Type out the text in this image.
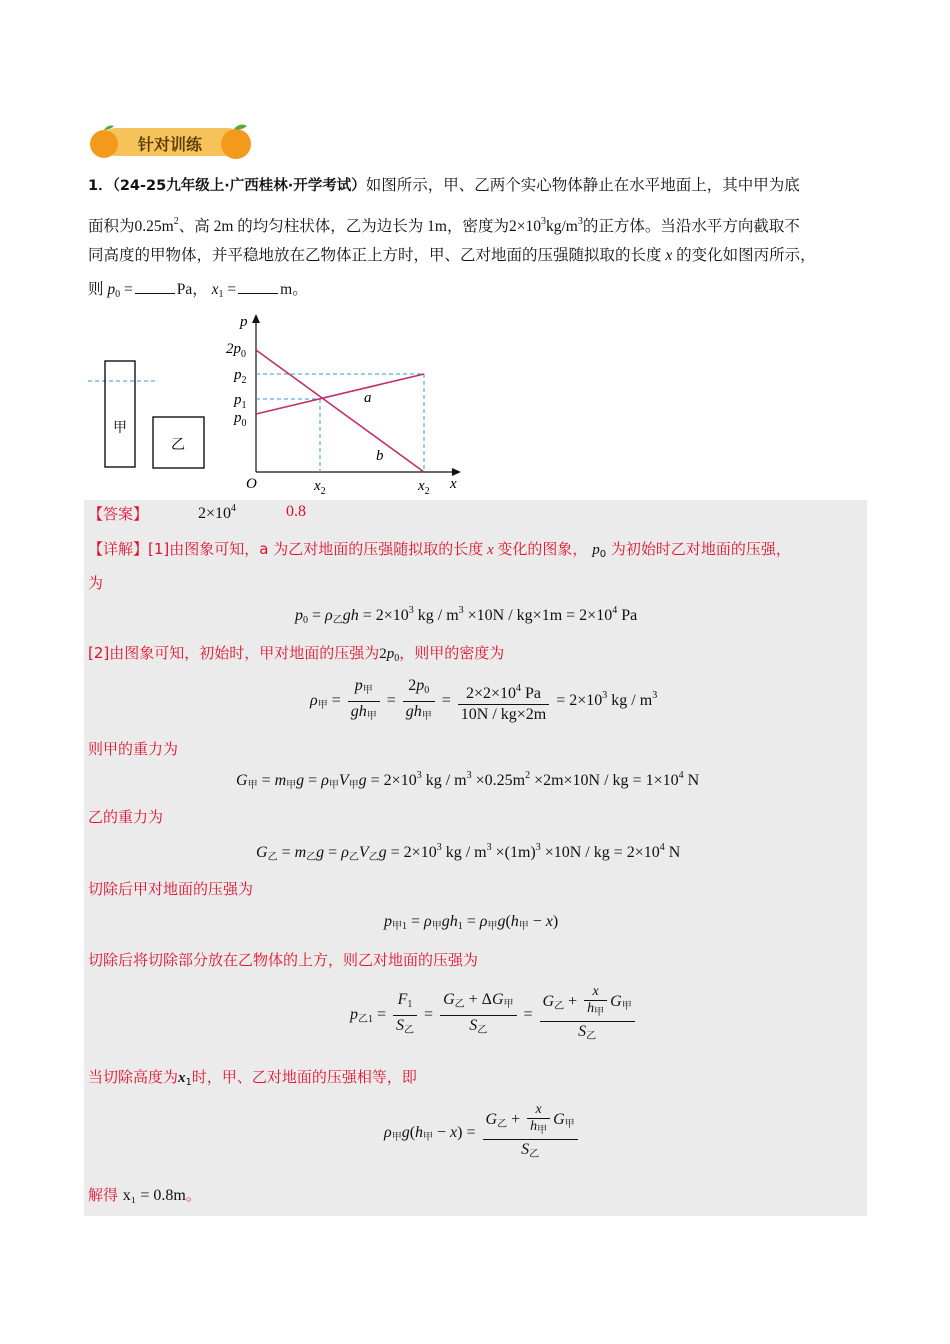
针对训练
1．（24-25九年级上·广西桂林·开学考试）如图所示，甲、乙两个实心物体静止在水平地面上，其中甲为底
面积为$0.25m^2$、高 2m 的均匀柱状体，乙为边长为 1m，密度为$2\times 10^3kg/m^3$的正方体。当沿水平方向截取不
同高度的甲物体，并平稳地放在乙物体正上方时，甲、乙对地面的压强随拟取的长度 x 的变化如图丙所示，
则 $p_0$ =	Pa， $x_1$ =	m。
甲
乙
p
x
O
a
b
$2p_0$
$p_2$
$p_1$
$p_0$
$x_2$	$x_2$
【答案】	$2\times 10^4$	0.8
【详解】[1]由图象可知，a 为乙对地面的压强随拟取的长度 x 变化的图象， $p_0$ 为初始时乙对地面的压强，
为
$p_0 = \rho$乙gh = $2\times 10^3$ kg / $m^3 \times 10N / kg\times 1m = 2\times 10^4$ Pa
[2]由图象可知，初始时，甲对地面的压强为$2p_0$，则甲的密度为
ρ甲 = $\frac{\text{p甲}}{\text{gh甲}} = \frac{2p_0}{\text{gh甲}} = \frac{2\times 2\times 10^4 Pa}{10N / kg\times 2m} = 2\times 10^3$ kg / $m^3$
则甲的重力为
G甲 = m甲g = ρ甲V甲$g = 2\times 10^3$ kg / $m^3 \times 0.25m^2 \times 2m\times 10N$ / kg = $1\times 10^4$ N
乙的重力为
G乙 = m乙g = ρ乙V乙$g = 2\times 10^3$ kg / $m^3 \times(1m)^3 \times 10N$ / kg = $2\times 10^4$ N
切除后甲对地面的压强为
p甲$_1$ = ρ甲$gh_1 = \rho$甲g(h甲 − x)
切除后将切除部分放在乙物体的上方，则乙对地面的压强为
p乙$_1 = \frac{F_1}{\text{S乙}} = \frac{\text{G乙 + ΔG甲}}{\text{S乙}} = \frac{G乙 + \frac{x}{h_甲} G甲}{\text{S乙}}$
当切除高度为$x_1$时，甲、乙对地面的压强相等，即
ρ甲g(h甲 − $x) = \frac{G乙 + \frac{x}{h_甲} G甲}{\text{S乙}}$
解得 x₁ = 0.8m。
